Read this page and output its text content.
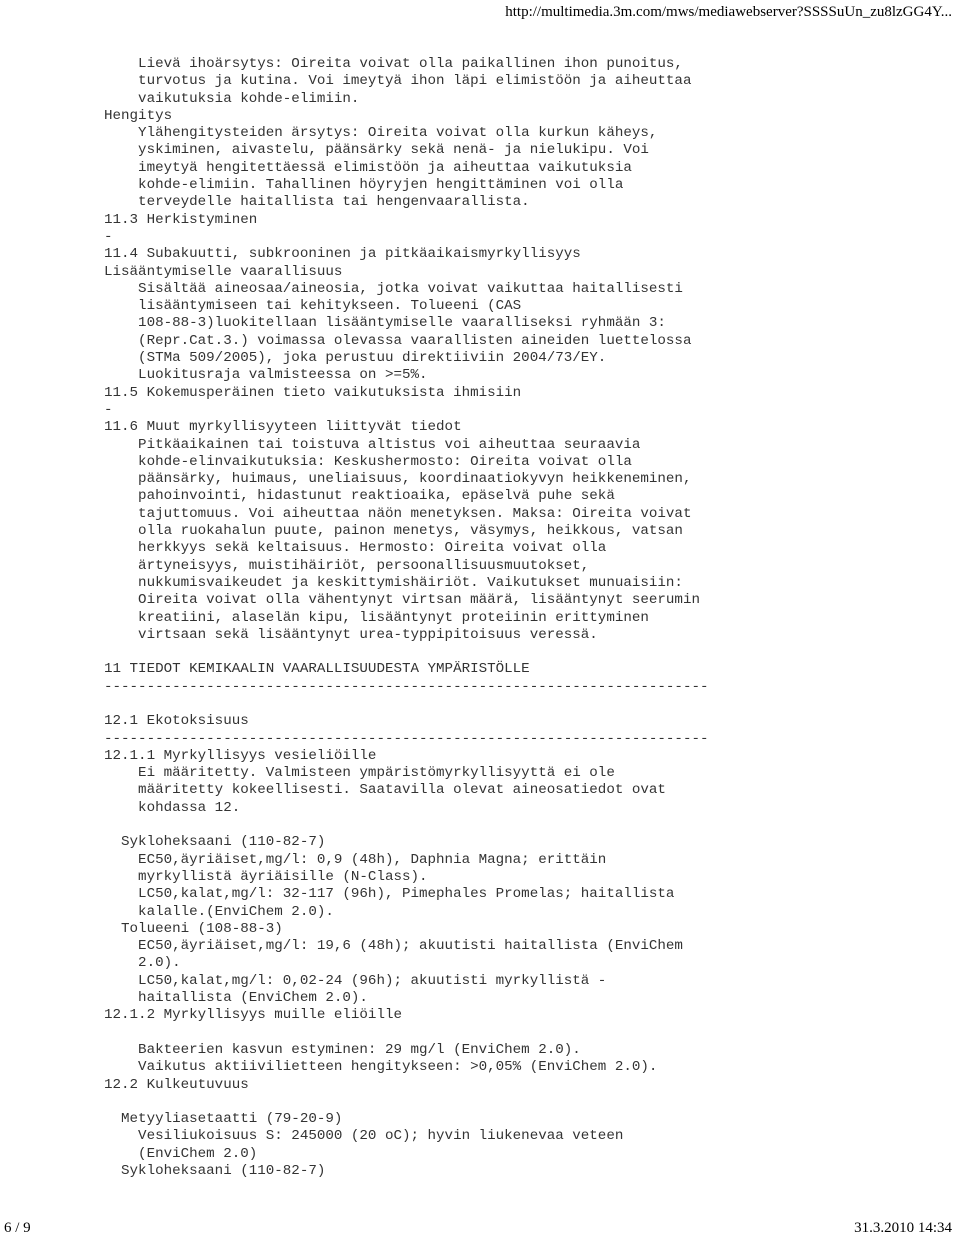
http://multimedia.3m.com/mws/mediawebserver?SSSSuUn_zu8lzGG4Y...
Lievä ihoärsytys: Oireita voivat olla paikallinen ihon punoitus,
turvotus ja kutina. Voi imeytyä ihon läpi elimistöön ja aiheuttaa
vaikutuksia kohde-elimiin.
Hengitys
Ylähengitysteiden ärsytys: Oireita voivat olla kurkun käheys,
yskiminen, aivastelu, päänsärky sekä nenä- ja nielukipu. Voi
imeytyä hengitettäessä elimistöön ja aiheuttaa vaikutuksia
kohde-elimiin. Tahallinen höyryjen hengittäminen voi olla
terveydelle haitallista tai hengenvaarallista.
11.3 Herkistyminen
-
11.4 Subakuutti, subkrooninen ja pitkäaikaismyrkyllisyys
Lisääntymiselle vaarallisuus
Sisältää aineosaa/aineosia, jotka voivat vaikuttaa haitallisesti
lisääntymiseen tai kehitykseen. Tolueeni (CAS
108-88-3)luokitellaan lisääntymiselle vaaralliseksi ryhmään 3:
(Repr.Cat.3.) voimassa olevassa vaarallisten aineiden luettelossa
(STMa 509/2005), joka perustuu direktiiviin 2004/73/EY.
Luokitusraja valmisteessa on >=5%.
11.5 Kokemusperäinen tieto vaikutuksista ihmisiin
-
11.6 Muut myrkyllisyyteen liittyvät tiedot
Pitkäaikainen tai toistuva altistus voi aiheuttaa seuraavia
kohde-elinvaikutuksia: Keskushermosto: Oireita voivat olla
päänsärky, huimaus, uneliaisuus, koordinaatiokyvyn heikkeneminen,
pahoinvointi, hidastunut reaktioaika, epäselvä puhe sekä
tajuttomuus. Voi aiheuttaa näön menetyksen. Maksa: Oireita voivat
olla ruokahalun puute, painon menetys, väsymys, heikkous, vatsan
herkkyys sekä keltaisuus. Hermosto: Oireita voivat olla
ärtyneisyys, muistihäiriöt, persoonallisuusmuutokset,
nukkumisvaikeudet ja keskittymishäiriöt. Vaikutukset munuaisiin:
Oireita voivat olla vähentynyt virtsan määrä, lisääntynyt seerumin
kreatiini, alaselän kipu, lisääntynyt proteiinin erittyminen
virtsaan sekä lisääntynyt urea-typpipitoisuus veressä.
11 TIEDOT KEMIKAALIN VAARALLISUUDESTA YMPÄRISTÖLLE
-----------------------------------------------------------------------
12.1 Ekotoksisuus
-----------------------------------------------------------------------
12.1.1 Myrkyllisyys vesieliöille
Ei määritetty. Valmisteen ympäristömyrkyllisyyttä ei ole
määritetty kokeellisesti. Saatavilla olevat aineosatiedot ovat
kohdassa 12.
Sykloheksaani (110-82-7)
EC50,äyriäiset,mg/l: 0,9 (48h), Daphnia Magna; erittäin
myrkyllistä äyriäisille (N-Class).
LC50,kalat,mg/l: 32-117 (96h), Pimephales Promelas; haitallista
kalalle.(EnviChem 2.0).
Tolueeni (108-88-3)
EC50,äyriäiset,mg/l: 19,6 (48h); akuutisti haitallista (EnviChem
2.0).
LC50,kalat,mg/l: 0,02-24 (96h); akuutisti myrkyllistä -
haitallista (EnviChem 2.0).
12.1.2 Myrkyllisyys muille eliöille
Bakteerien kasvun estyminen: 29 mg/l (EnviChem 2.0).
Vaikutus aktiivilietteen hengitykseen: >0,05% (EnviChem 2.0).
12.2 Kulkeutuvuus
Metyyliasetaatti (79-20-9)
Vesiliukoisuus S: 245000 (20 oC); hyvin liukenevaa veteen
(EnviChem 2.0)
Sykloheksaani (110-82-7)
6 / 9	31.3.2010 14:34
